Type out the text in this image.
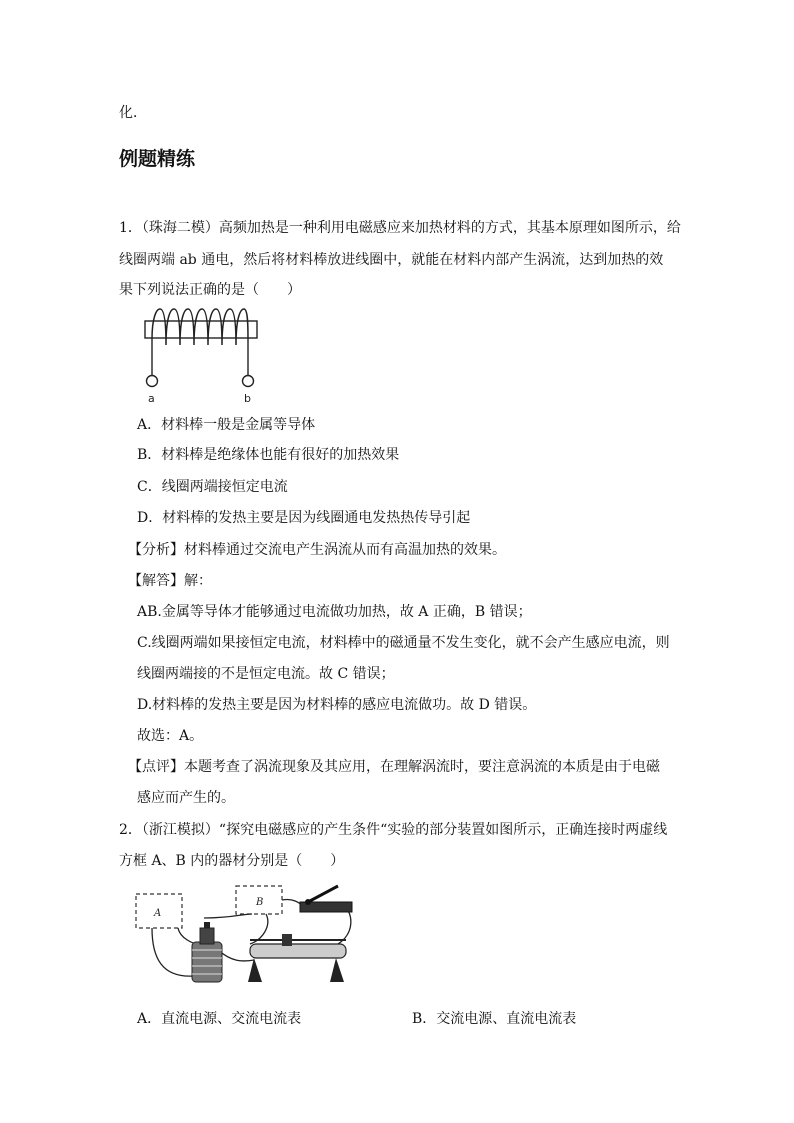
化．
例题精练
1．（珠海二模）高频加热是一种利用电磁感应来加热材料的方式，其基本原理如图所示，给
线圈两端 ab 通电，然后将材料棒放进线圈中，就能在材料内部产生涡流，达到加热的效
果下列说法正确的是（　　）
a	b
A．材料棒一般是金属等导体
B．材料棒是绝缘体也能有很好的加热效果
C．线圈两端接恒定电流
D．材料棒的发热主要是因为线圈通电发热热传导引起
【分析】材料棒通过交流电产生涡流从而有高温加热的效果。
【解答】解：
AB.金属等导体才能够通过电流做功加热，故 A 正确，B 错误；
C.线圈两端如果接恒定电流，材料棒中的磁通量不发生变化，就不会产生感应电流，则
线圈两端接的不是恒定电流。故 C 错误；
D.材料棒的发热主要是因为材料棒的感应电流做功。故 D 错误。
故选：A。
【点评】本题考查了涡流现象及其应用，在理解涡流时，要注意涡流的本质是由于电磁
感应而产生的。
2．（浙江模拟）“探究电磁感应的产生条件“实验的部分装置如图所示，正确连接时两虚线
方框 A、B 内的器材分别是（　　）
A
B
A．直流电源、交流电流表	B．交流电源、直流电流表
